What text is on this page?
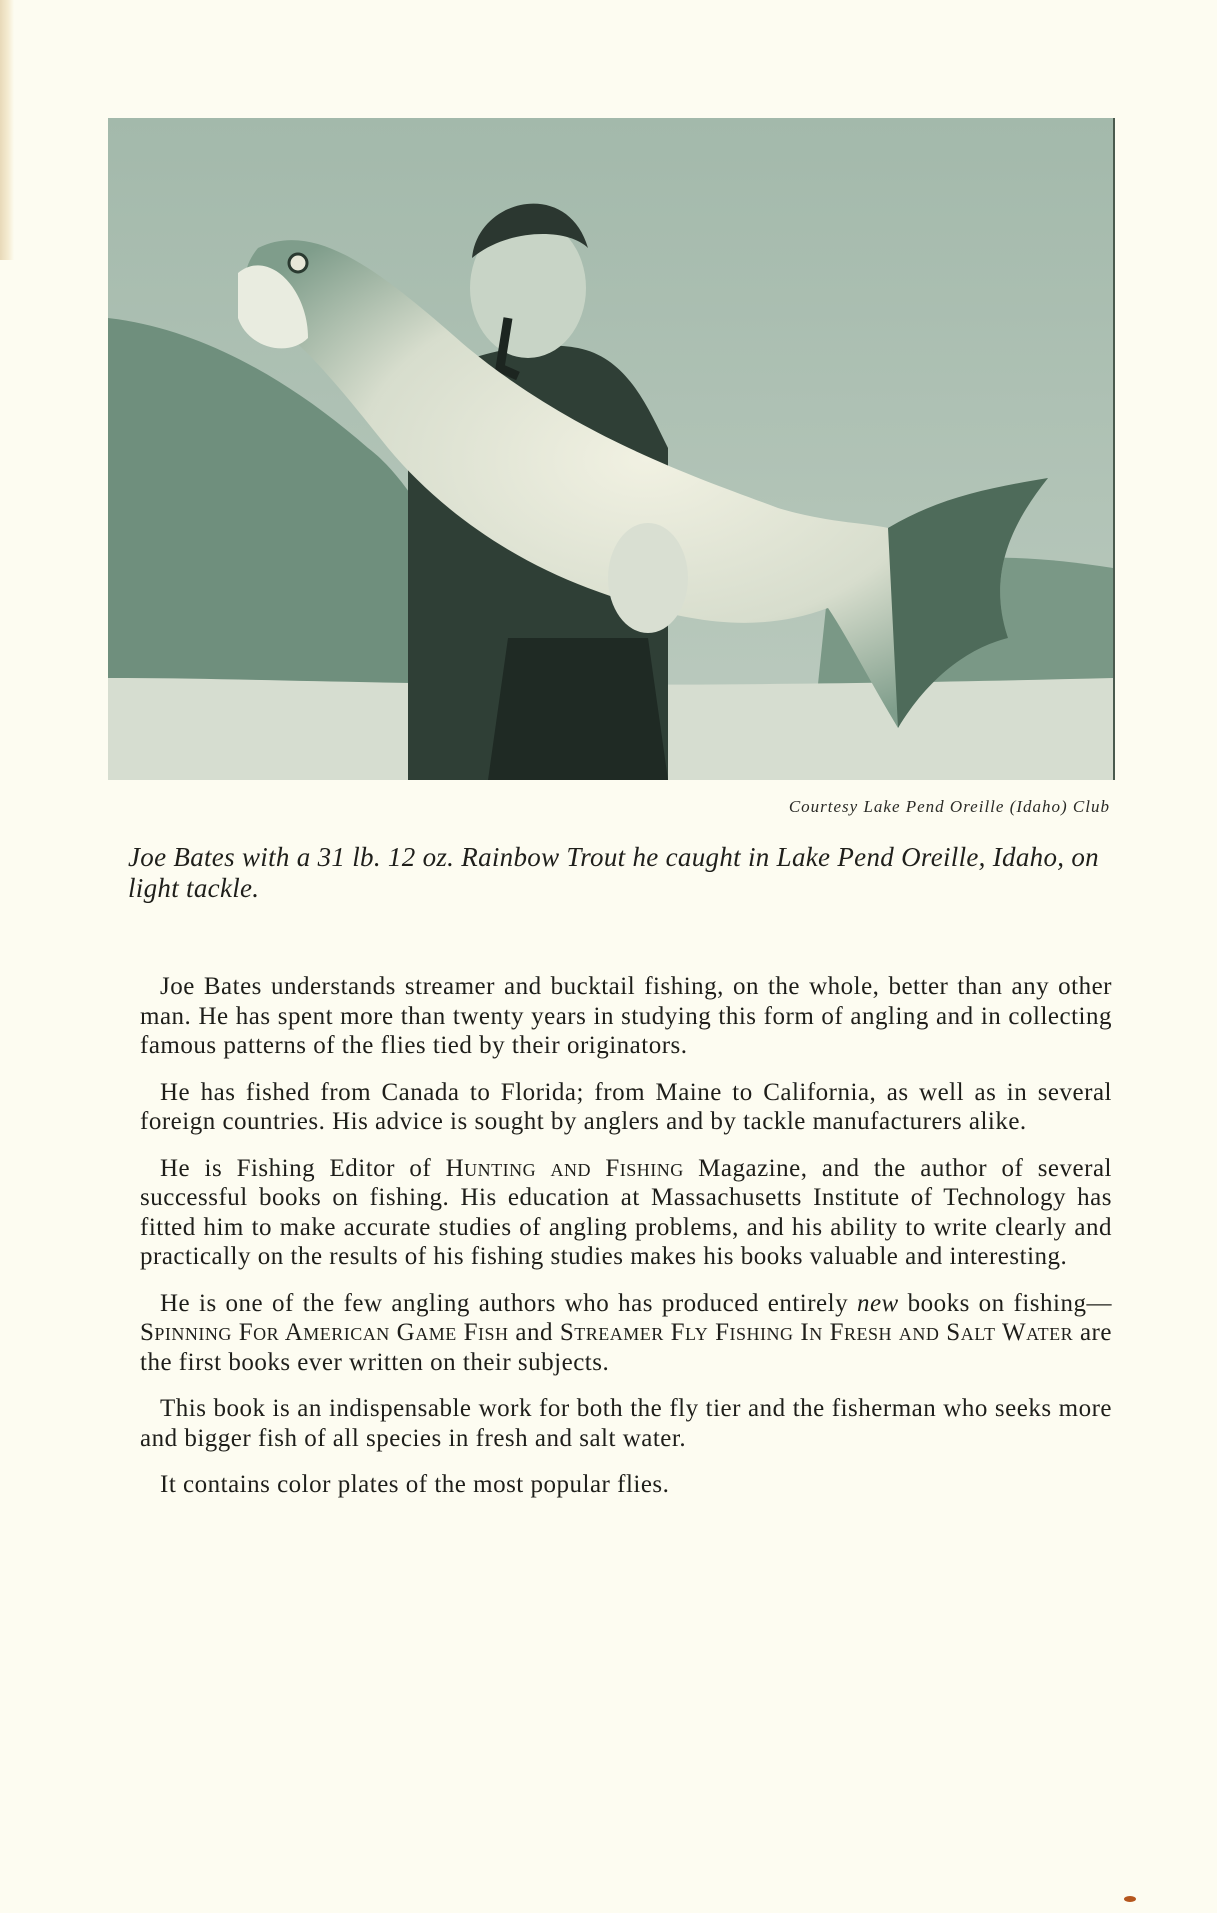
Courtesy Lake Pend Oreille (Idaho) Club
Joe Bates with a 31 lb. 12 oz. Rainbow Trout he caught in Lake Pend Oreille, Idaho, on light tackle.

Joe Bates understands streamer and bucktail fishing, on the whole, better than any other man. He has spent more than twenty years in studying this form of angling and in collecting famous patterns of the flies tied by their originators.

He has fished from Canada to Florida; from Maine to California, as well as in several foreign countries. His advice is sought by anglers and by tackle manufacturers alike.

He is Fishing Editor of Hunting and Fishing Magazine, and the author of several successful books on fishing. His education at Massachusetts Institute of Technology has fitted him to make accurate studies of angling problems, and his ability to write clearly and practically on the results of his fishing studies makes his books valuable and interesting.

He is one of the few angling authors who has produced entirely new books on fishing—Spinning For American Game Fish and Streamer Fly Fishing In Fresh and Salt Water are the first books ever written on their subjects.

This book is an indispensable work for both the fly tier and the fisherman who seeks more and bigger fish of all species in fresh and salt water.

It contains color plates of the most popular flies.
